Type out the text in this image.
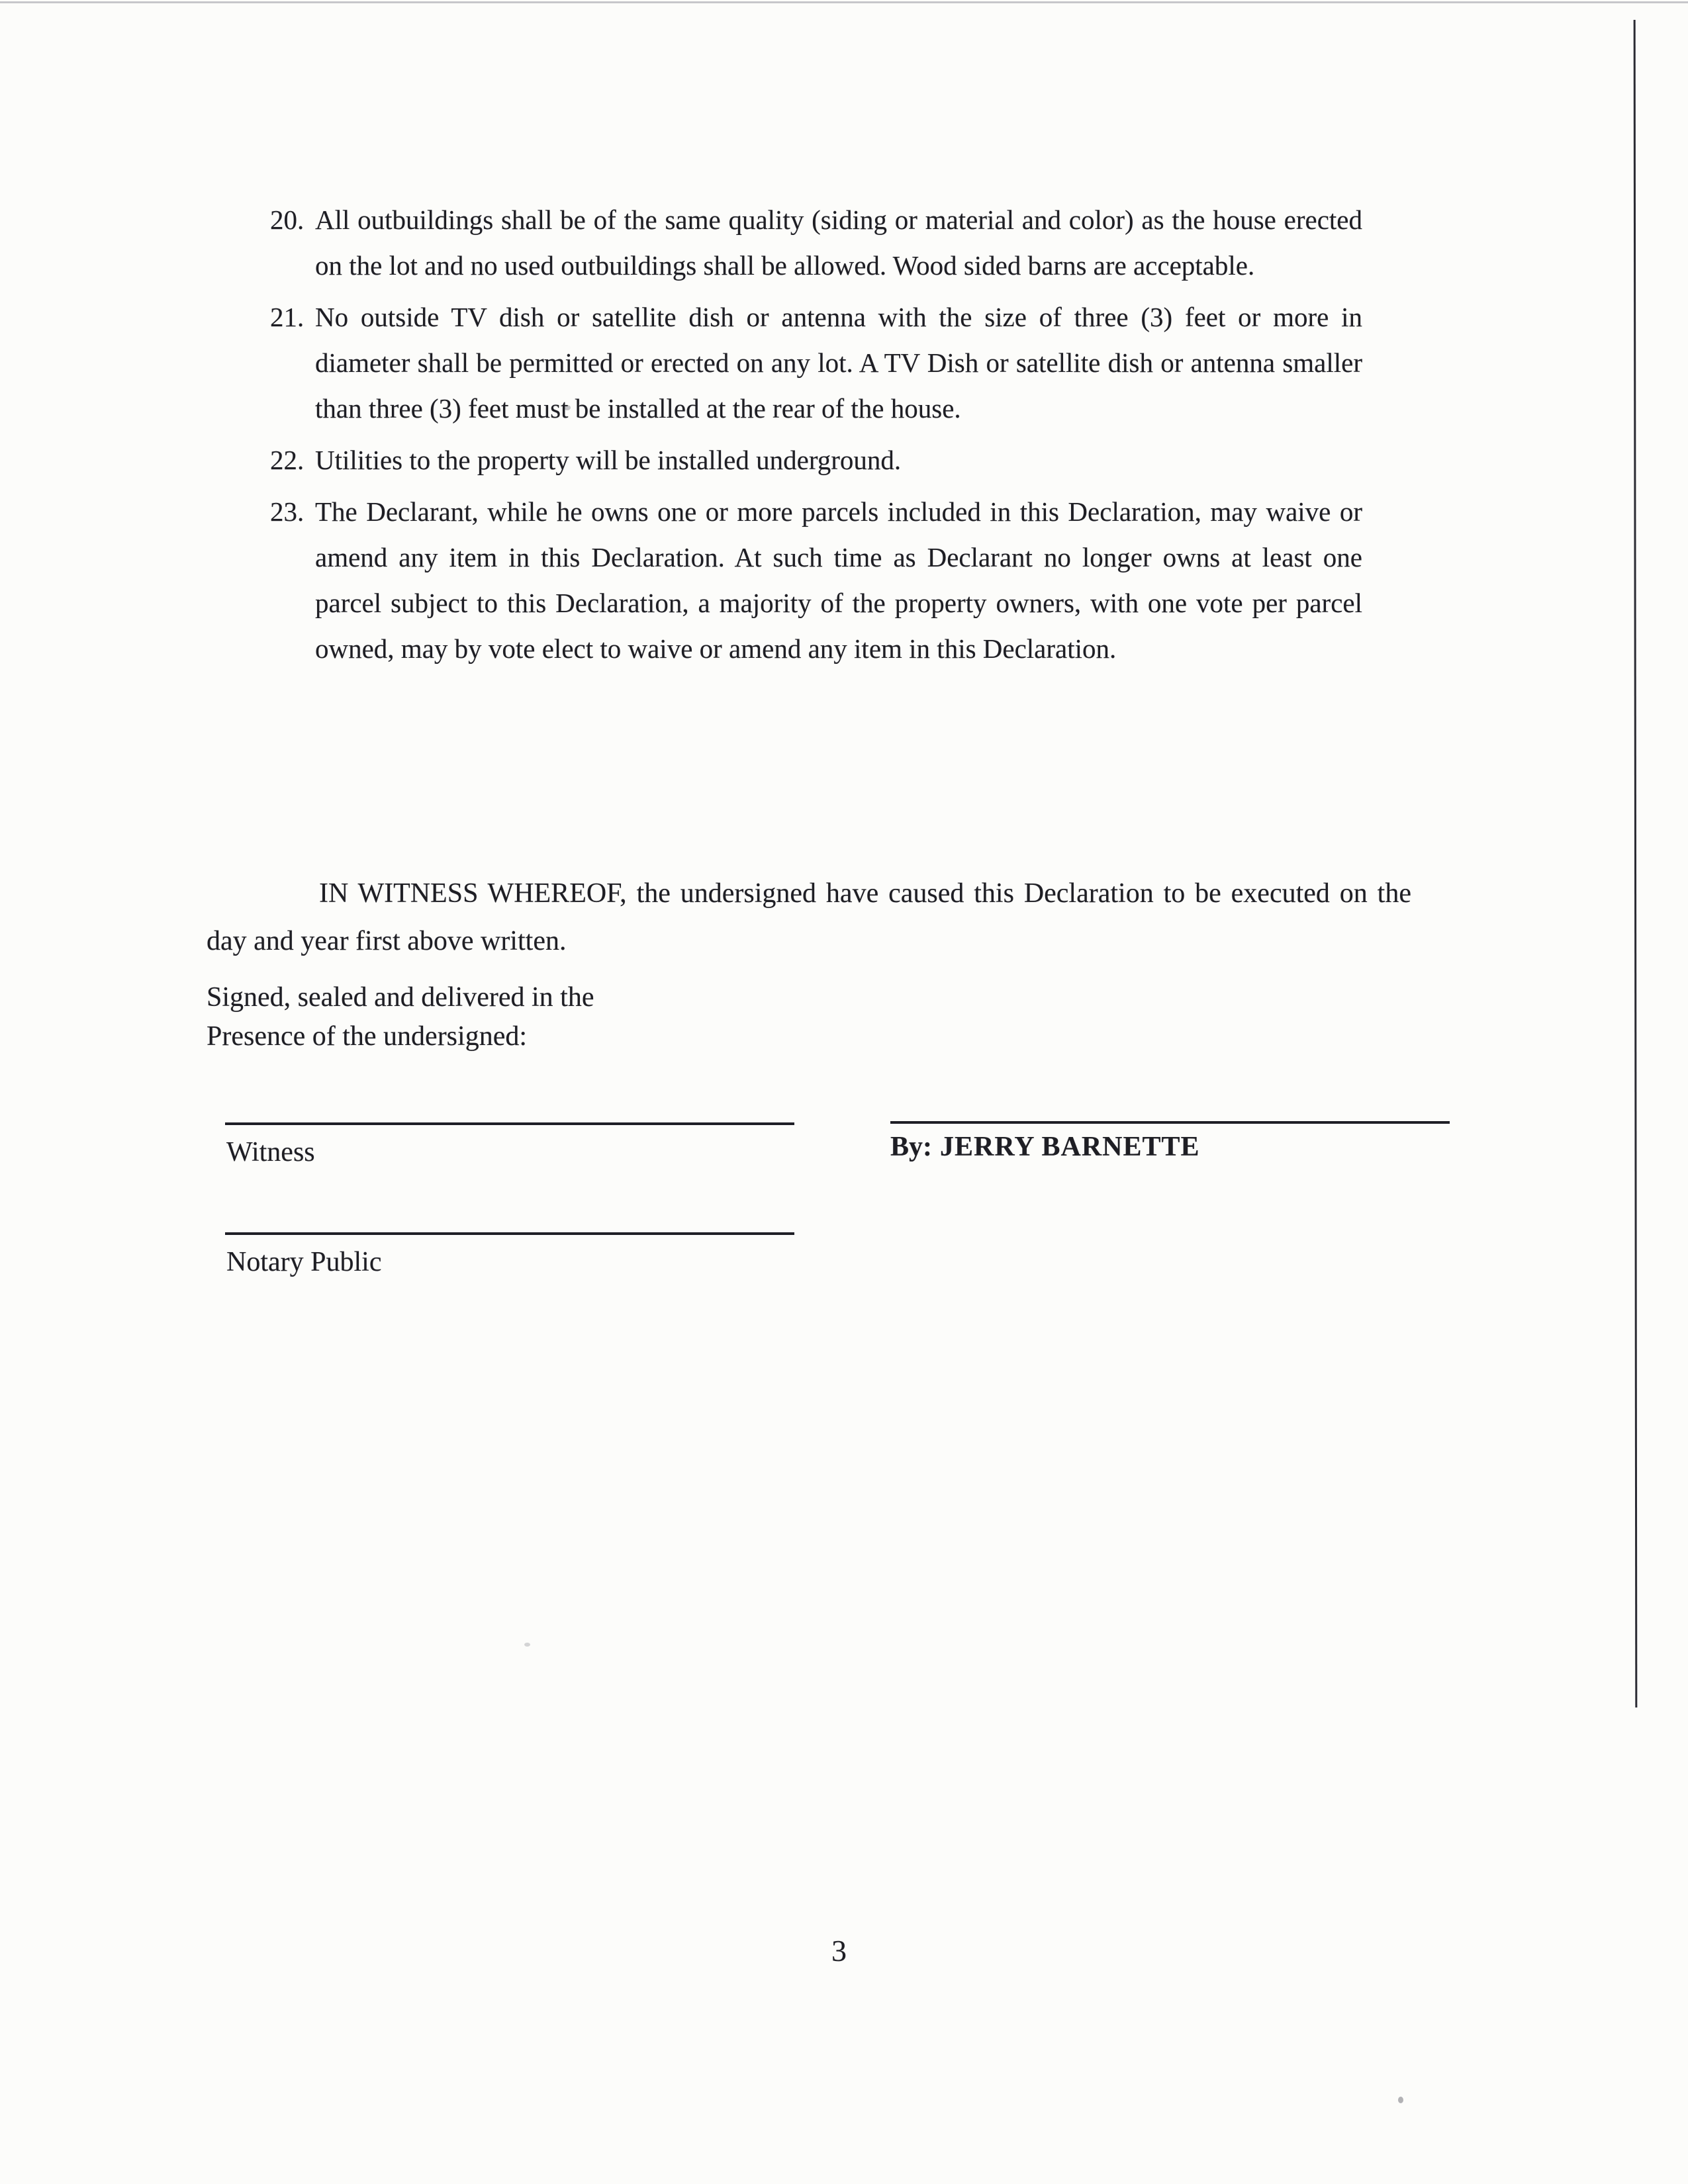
20. All outbuildings shall be of the same quality (siding or material and color) as the house erected on the lot and no used outbuildings shall be allowed. Wood sided barns are acceptable.
21. No outside TV dish or satellite dish or antenna with the size of three (3) feet or more in diameter shall be permitted or erected on any lot. A TV Dish or satellite dish or antenna smaller than three (3) feet must be installed at the rear of the house.
22. Utilities to the property will be installed underground.
23. The Declarant, while he owns one or more parcels included in this Declaration, may waive or amend any item in this Declaration. At such time as Declarant no longer owns at least one parcel subject to this Declaration, a majority of the property owners, with one vote per parcel owned, may by vote elect to waive or amend any item in this Declaration.

IN WITNESS WHEREOF, the undersigned have caused this Declaration to be executed on the day and year first above written.

Signed, sealed and delivered in the
Presence of the undersigned:
Witness	By: JERRY BARNETTE
Notary Public
3
